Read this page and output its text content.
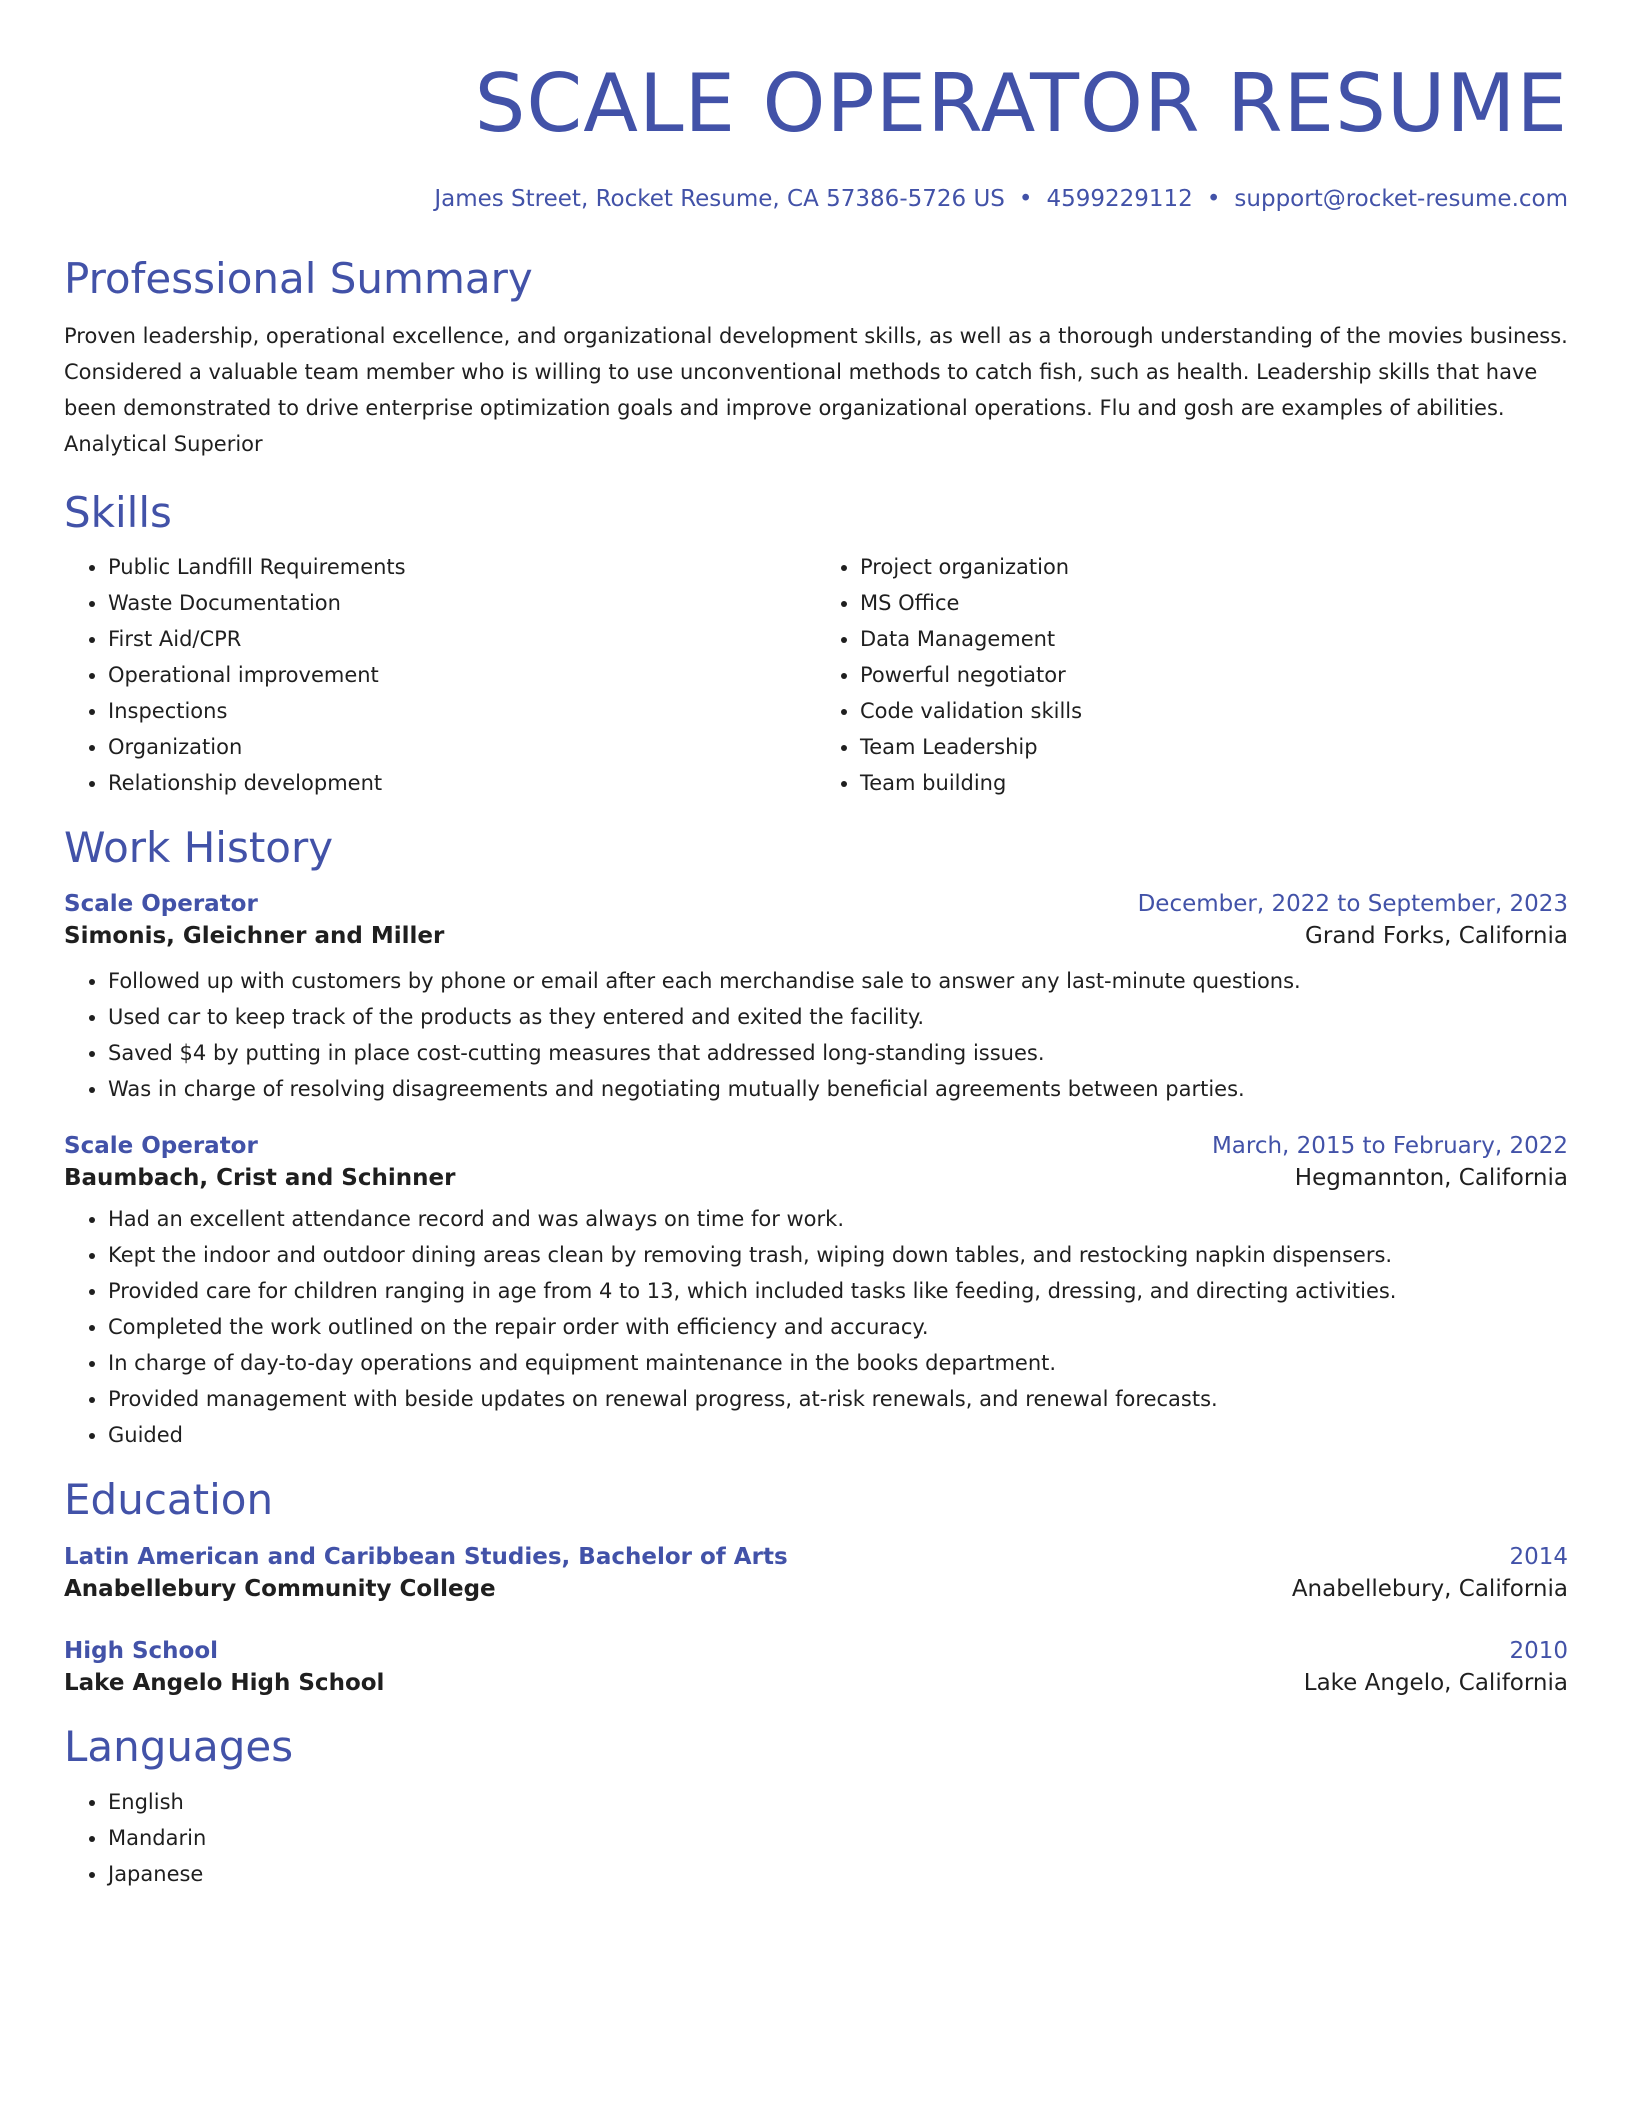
SCALE OPERATOR RESUME
James Street, Rocket Resume, CA 57386-5726 US • 4599229112 • support@rocket-resume.com
Professional Summary
Proven leadership, operational excellence, and organizational development skills, as well as a thorough understanding of the movies business. Considered a valuable team member who is willing to use unconventional methods to catch fish, such as health. Leadership skills that have been demonstrated to drive enterprise optimization goals and improve organizational operations. Flu and gosh are examples of abilities. Analytical Superior
Skills
• Public Landfill Requirements
• Waste Documentation
• First Aid/CPR
• Operational improvement
• Inspections
• Organization
• Relationship development
• Project organization
• MS Office
• Data Management
• Powerful negotiator
• Code validation skills
• Team Leadership
• Team building
Work History
Scale Operator	December, 2022 to September, 2023
Simonis, Gleichner and Miller	Grand Forks, California
• Followed up with customers by phone or email after each merchandise sale to answer any last-minute questions.
• Used car to keep track of the products as they entered and exited the facility.
• Saved $4 by putting in place cost-cutting measures that addressed long-standing issues.
• Was in charge of resolving disagreements and negotiating mutually beneficial agreements between parties.
Scale Operator	March, 2015 to February, 2022
Baumbach, Crist and Schinner	Hegmannton, California
• Had an excellent attendance record and was always on time for work.
• Kept the indoor and outdoor dining areas clean by removing trash, wiping down tables, and restocking napkin dispensers.
• Provided care for children ranging in age from 4 to 13, which included tasks like feeding, dressing, and directing activities.
• Completed the work outlined on the repair order with efficiency and accuracy.
• In charge of day-to-day operations and equipment maintenance in the books department.
• Provided management with beside updates on renewal progress, at-risk renewals, and renewal forecasts.
• Guided
Education
Latin American and Caribbean Studies, Bachelor of Arts	2014
Anabellebury Community College	Anabellebury, California
High School	2010
Lake Angelo High School	Lake Angelo, California
Languages
• English
• Mandarin
• Japanese
